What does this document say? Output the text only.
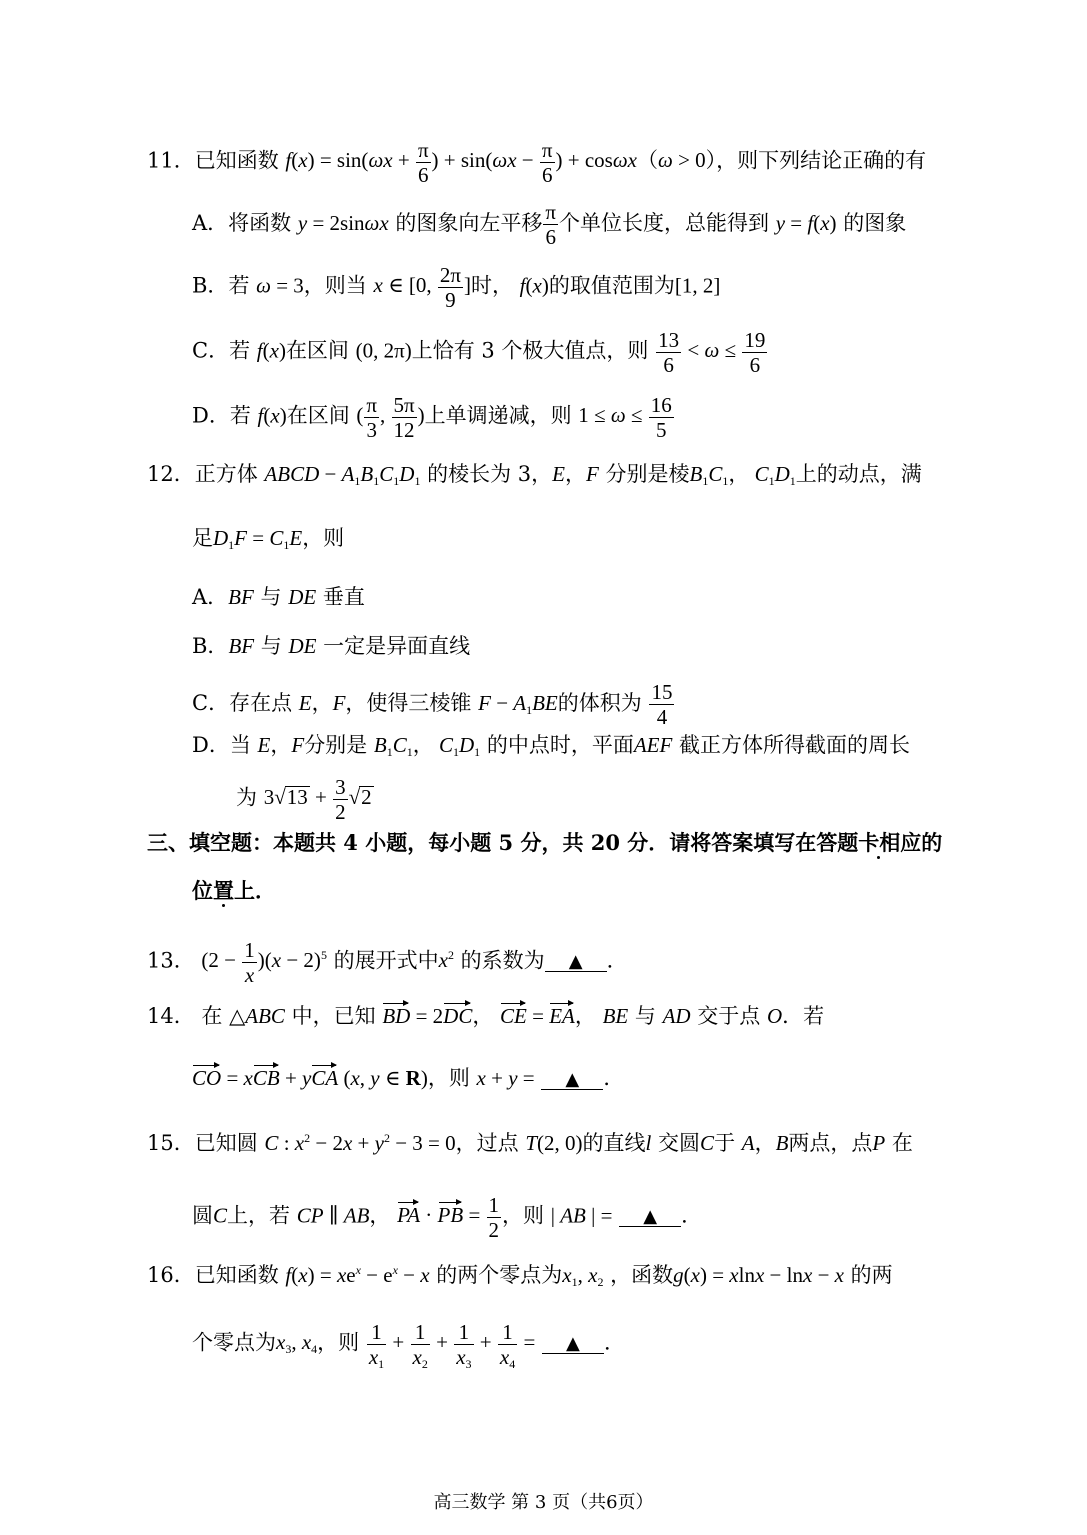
11．已知函数 $f(x) = \sin(\omega x + \frac{\pi}{6}$ ) + $\sin(\omega x - \frac{\pi}{6}$ ) + cosωx（ω > 0），则下列结论正确的有
A．将函数 y = 2sinωx 的图象向左平移 $\frac{\pi}{6}$ 个单位长度，总能得到 y = f(x) 的图象
B．若 ω = 3，则当 x ∈ [0, $\frac{2\pi}{9}$ ]时， f(x)的取值范围为[1, 2]
C．若 f(x)在区间 (0, 2π)上恰有 3 个极大值点，则 $\frac{13}{6} < \omega \le \frac{19}{6}$
D．若 f(x)在区间 ( $\frac{\pi}{3}$ , $\frac{5\pi}{12}$ )上单调递减，则 $1 \le \omega \le \frac{16}{5}$
12．正方体 ABCD − $A_1B_1C_1D_1$ 的棱长为 3，E，F 分别是棱$B_1C_1$， $C_1D_1$上的动点，满
足$D_1F = C_1E$，则
A．BF 与 DE 垂直
B．BF 与 DE 一定是异面直线
C．存在点 E，F，使得三棱锥 $F - A_1BE$的体积为 $\frac{15}{4}$
D．当 E，F分别是 $B_1C_1$， $C_1D_1$ 的中点时，平面AEF 截正方体所得截面的周长
为 $3√13 + \frac{3}{2} √2$
三、填空题：本题共 4 小题，每小题 5 分，共 20 分．请将答案填写在答题卡相应的
位置上．
13． $(2 - \frac{1}{x} )(x - 2)^5$ 的展开式中$x^2$ 的系数为 ▲ ．
14． 在 △ABC 中，已知 BD = 2DC， CE = EA， BE 与 AD 交于点 O．若
CO = xCB + yCA (x, y ∈ R)，则 x + y = ▲ ．
15．已知圆 C : $x^2 - 2x + y^2 - 3 = 0$，过点 T(2, 0)的直线l 交圆C于 A，B两点，点P 在
圆C上，若 CP ∥ AB， PA · PB = $\frac{1}{2}$ ，则 | AB | = ▲ ．
16．已知函数 $f(x) = xe^x - e^x - x$ 的两个零点为$x_1$, $x_2$ ，函数g(x) = xlnx − lnx − x 的两
个零点为$x_3$, $x_4$，则 $\frac{1}{x_1} + \frac{1}{x_2} + \frac{1}{x_3} + \frac{1}{x_4}$ = ▲ ．
高三数学 第 3 页（共6页）
